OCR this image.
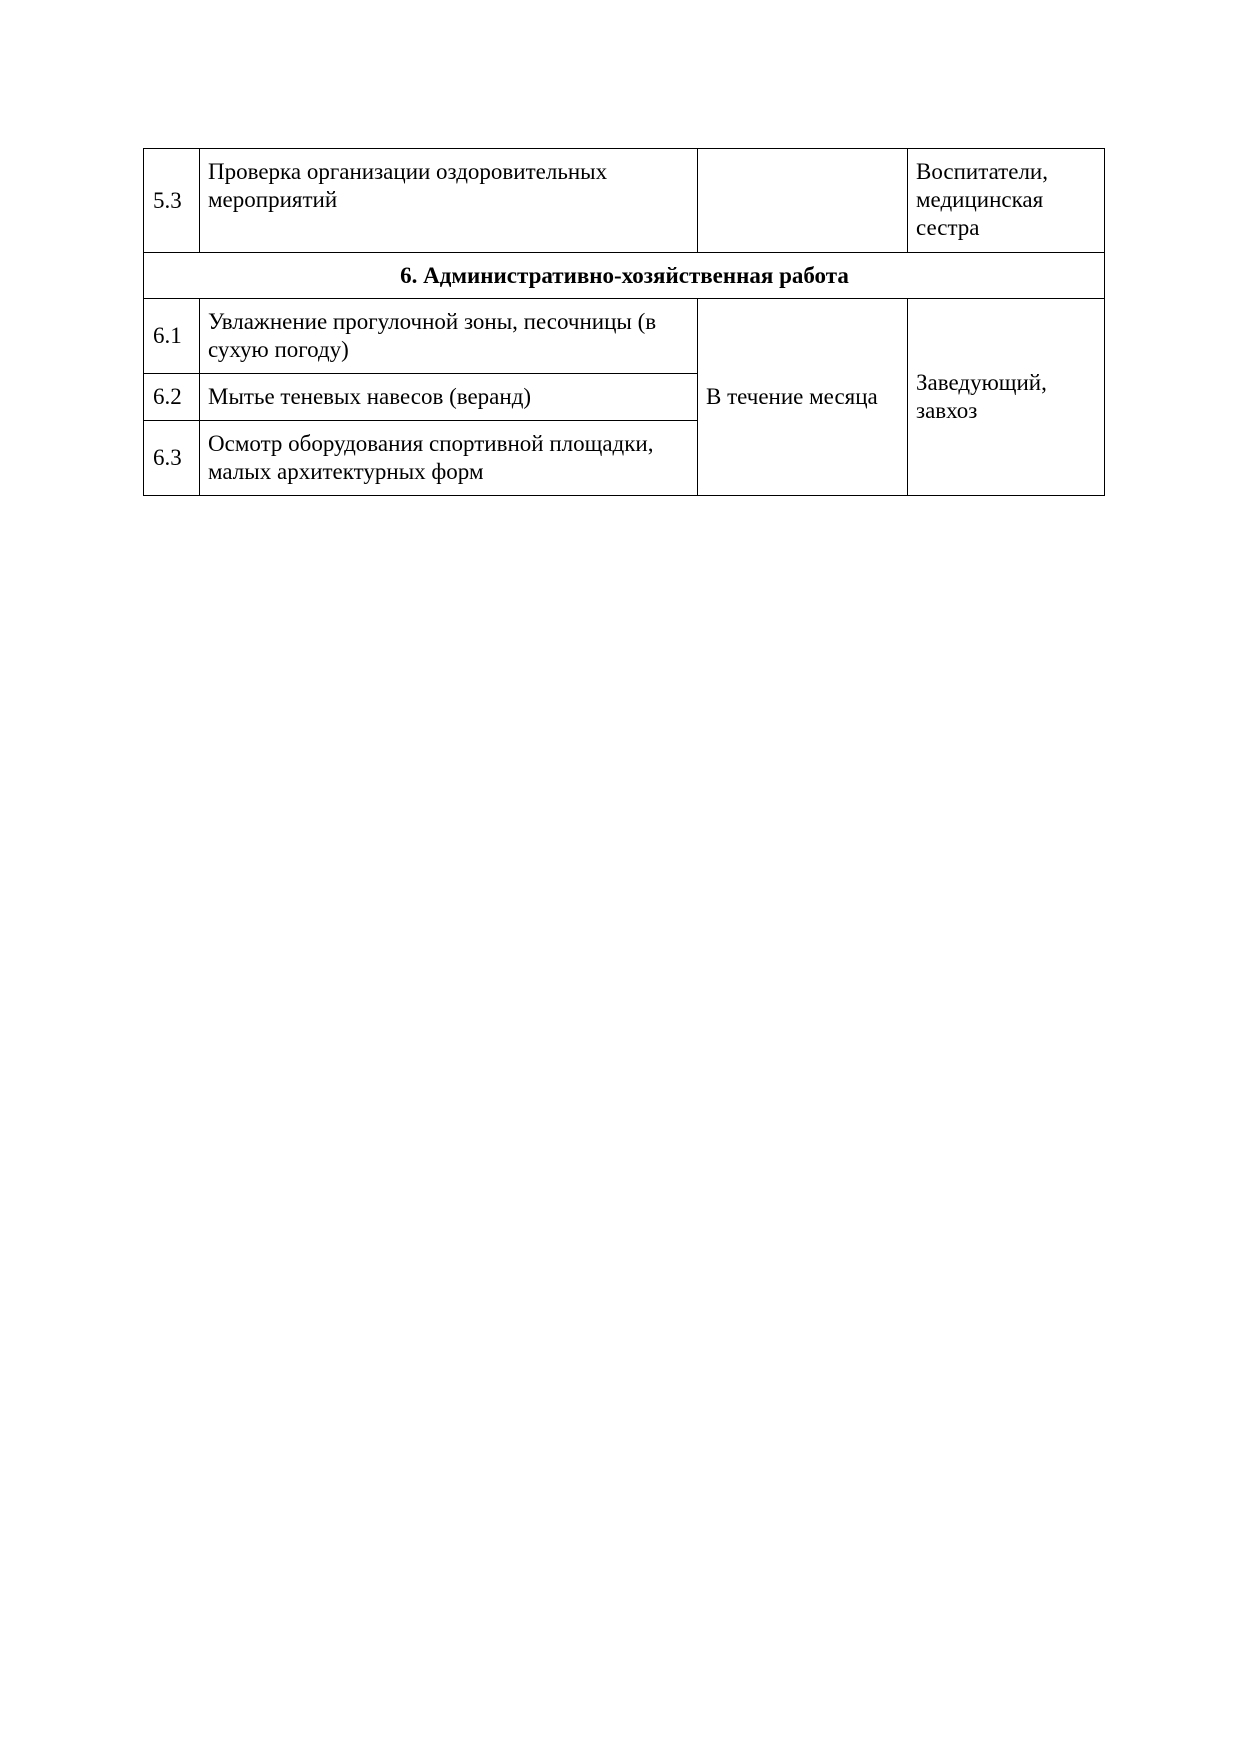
5.3	Проверка организации оздоровительных мероприятий		Воспитатели, медицинская сестра
6. Административно-хозяйственная работа			
6.1	Увлажнение прогулочной зоны, песочницы (в сухую погоду)	В течение месяца	Заведующий, завхоз
6.2	Мытье теневых навесов (веранд)		
6.3	Осмотр оборудования спортивной площадки, малых архитектурных форм		
